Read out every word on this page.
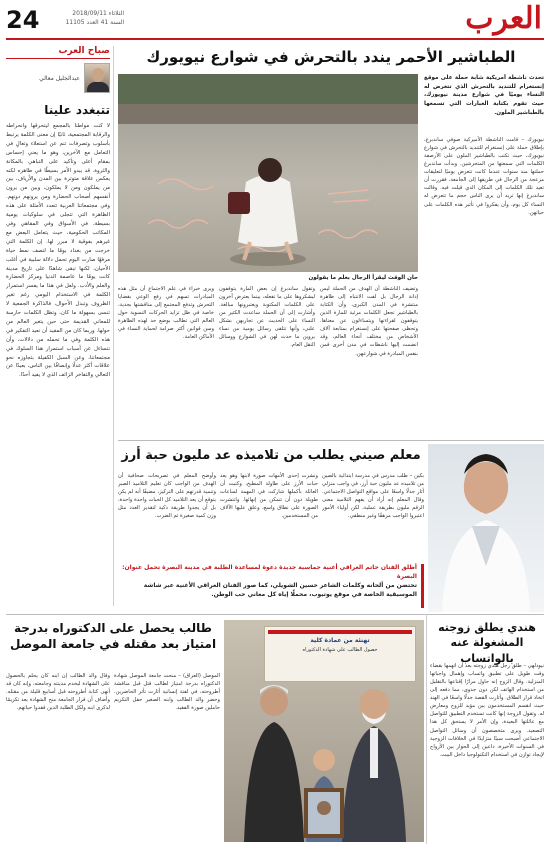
24	الثلاثاء 2018/09/11
السنة 41 العدد 11105	العرب
صباح العرب
عبدالجليل معالي
تتبغدد علينا
لا كنت مواطنا بالمجمع ليتحرقها وانحراطه والرقابة المجتمعية، ثانيًا إن معنى الكلمة يرتبط بأسلوب وتصرفات تنم عن استعلاء وتعالٍ في التعامل مع الآخرين، وهو ما يعني إحساس بمقام أعلى وتأكيد على التباهي بالمكانة والثروة. قد يبدو الأمر بسيطًا في ظاهره لكنه يعكس علاقة متوترة بين المدن والأرياف، بين من يملكون ومن لا يملكون، وبين من يرون أنفسهم أصحاب الحضارة ومن يرونهم دونهم. وفي مجتمعاتنا العربية تتعدد الأمثلة على هذه الظاهرة التي تتجلى في سلوكيات يومية بسيطة، في الأسواق وفي المقاهي وفي المكاتب الحكومية، حيث يتعامل البعض مع غيرهم بفوقية لا مبرر لها. إن الكلمة التي خرجت من بغداد يومًا ما لتصف نمط حياة مرفهًا صارت اليوم تحمل دلالة سلبية في أغلب الأحيان، لكنها تبقى شاهدًا على تاريخ مدينة كانت يومًا ما عاصمة الدنيا ومركز الحضارة والعلم والأدب. ولعل في هذا ما يفسر استمرار الكلمة في الاستخدام اليومي رغم تغير الظروف وتبدل الأحوال، فالذاكرة الجمعية لا تنسى بسهولة ما كان، وتظل الكلمات حارسة للمعاني القديمة حتى حين يتغير العالم من حولها. وربما كان من المفيد أن نعيد التفكير في هذه الكلمة وفي ما تحمله من دلالات، وأن نتساءل عن أسباب استمرار هذا السلوك في مجتمعاتنا، وعن السبل الكفيلة بتجاوزه نحو علاقات أكثر عدلًا وإنصافًا بين الناس، بعيدًا عن التعالي والتفاخر الزائف الذي لا يفيد أحدًا.
الطباشير الأحمر يندد بالتحرش في شوارع نيويورك
تحدث ناشطة أمريكية شابة حملة على موقع إنستغرام للتنديد بالتحرش الذي تتعرض له النساء يوميًا في شوارع مدينة نيويورك، حيث تقوم بكتابة العبارات التي تسمعها بالطباشير الملون.
نيويورك – قامت الناشطة الأميركية صوفي ساندبرغ، بإطلاق حملة على إنستغرام للتنديد بالتحرش في شوارع نيويورك، حيث تكتب بالطباشير الملون على الأرصفة الكلمات التي سمعتها من المتحرشين. وبدأت ساندبرغ حملتها منذ سنوات عندما كانت تتعرض يوميًا لتعليقات مزعجة من الرجال في طريقها إلى الجامعة، فقررت أن تعيد تلك الكلمات إلى المكان الذي قيلت فيه. وقالت ساندبرغ إنها تريد أن يرى الناس حجم ما تتعرض له النساء كل يوم، وأن يفكروا في تأثير هذه الكلمات على حياتهن.
حان الوقت ليقرأ الرجال بعلم ما يقولون
وتضيف الناشطة أن الهدف من الحملة ليس إدانة الرجال بل لفت الانتباه إلى ظاهرة منتشرة في المدن الكبرى، وأن الكتابة بالطباشير تجعل الكلمات مرئية للمارة الذين يتوقفون لقراءتها ويتساءلون عن معناها. وتحظى صفحتها على إنستغرام بمتابعة آلاف الأشخاص من مختلف أنحاء العالم، وقد انضمت إليها ناشطات في مدن أخرى قمن بنفس المبادرة في شوارعهن.
وتقول ساندبرغ إن بعض المارة يتوقفون ليشكروها على ما تفعله، بينما يعترض آخرون على الكلمات المكتوبة ويعتبرونها مبالغة. وأشارت إلى أن الحملة ساعدت الكثير من النساء على الحديث عن تجاربهن بشكل علني، وأنها تتلقى رسائل يومية من نساء يروين ما حدث لهن في الشوارع ووسائل النقل العام.
ويرى خبراء في علم الاجتماع أن مثل هذه المبادرات تسهم في رفع الوعي بقضايا التحرش وتدفع المجتمع إلى مناقشتها بجدية، خاصة في ظل تزايد الحركات النسوية حول العالم التي تطالب بوضع حد لهذه الظاهرة وسن قوانين أكثر صرامة لحماية النساء في الأماكن العامة.
معلم صيني يطلب من تلاميذه عد مليون حبة أرز
بكين – طلب مدرس في مدرسة ابتدائية بالصين من تلاميذه عد مليون حبة أرز، في واجب منزلي أثار جدلًا واسعًا على مواقع التواصل الاجتماعي. وقال المعلم إنه أراد أن يفهم التلاميذ معنى الرقم مليون بطريقة عملية، لكن أولياء الأمور اعتبروا الواجب مرهقًا وغير منطقي.
ونشرت إحدى الأمهات صورة لابنها وهو يعد حبات الأرز على طاولة المطبخ، وكتبت أن العائلة بأكملها شاركت في المهمة لساعات طويلة دون أن تتمكن من إنهائها. وانتشرت الصورة على نطاق واسع، وعلق عليها الآلاف من المستخدمين.
وأوضح المعلم في تصريحات صحافية أن الهدف من الواجب كان تعليم التلاميذ الصبر وتنمية قدرتهم على التركيز، مضيفًا أنه لم يكن يتوقع أن يعد التلاميذ كل الحبات واحدة واحدة، بل أن يجدوا طريقة ذكية لتقدير العدد مثل وزن كمية صغيرة ثم الضرب.
أطلق الفنان حاتم العراقي أغنية حماسية جديدة دعوة لمساعدة الطلبة في مدينة البصرة تحمل عنوان: البصرة
تحتضن من ألحانه وكلمات الشاعر حسين الشويلي، كما صور الفنان العراقي الأغنية عبر شاشة الموسيقية الخاصة في موقع يوتيوب، محملًا إياه كل معاني حب الوطن.
طالب يحصل على الدكتوراه بدرجة امتياز بعد مقتله في جامعة الموصل
الموصل (العراق) – منحت جامعة الموصل شهادة الدكتوراه بدرجة امتياز لطالب قتل قبل مناقشة أطروحته، في لفتة إنسانية أثارت تأثر الحاضرين. وحضر والد الطالب وابنه الصغير حفل التكريم حاملين صورة الفقيد.
وقال والد الطالب إن ابنه كان يحلم بالحصول على الشهادة ليخدم مدينته وجامعته، وإنه كان قد أنهى كتابة أطروحته قبل أسابيع قليلة من مقتله. وأضاف أن قرار الجامعة منح الشهادة يعد تكريمًا لذكرى ابنه ولكل الطلبة الذين فقدوا حياتهم.
تهنئة من عمادة كلية
حصول الطالب على شهادة الدكتوراه
هندي يطلق زوجته المشغولة عنه بالواتساب
نيودلهي – طلق رجل هندي زوجته بعد أن اتهمها بقضاء وقت طويل على تطبيق واتساب وإهمال واجباتها المنزلية. وقال الزوج إنه حاول مرارًا إقناعها بالتقليل من استخدام الهاتف لكن دون جدوى، مما دفعه إلى اتخاذ قرار الطلاق. وأثارت القصة جدلًا واسعًا في الهند حيث انقسم المستخدمون بين مؤيد للزوج ومعارض له. وتقول الزوجة إنها كانت تستخدم التطبيق للتواصل مع عائلتها البعيدة، وإن الأمر لا يستحق كل هذا التصعيد. ويرى متخصصون أن وسائل التواصل الاجتماعي أصبحت سببًا متزايدًا في الخلافات الزوجية في السنوات الأخيرة، داعين إلى الحوار بين الأزواج لإيجاد توازن في استخدام التكنولوجيا داخل البيت.
